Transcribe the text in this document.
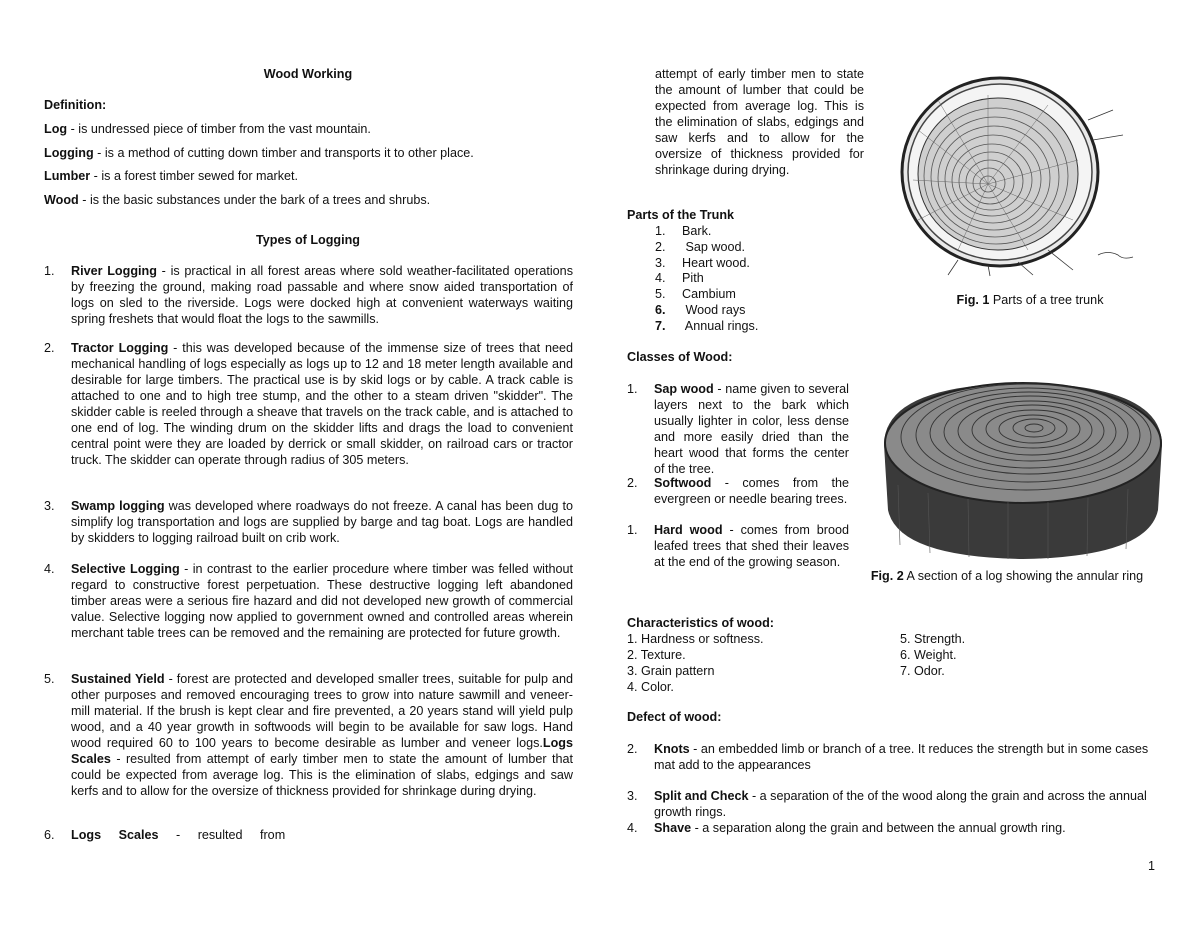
Wood Working
Definition:
Log - is undressed piece of timber from the vast mountain.
Logging - is a method of cutting down timber and transports it to other place.
Lumber - is a forest timber sewed for market.
Wood - is the basic substances under the bark of a trees and shrubs.
Types of Logging
1. River Logging - is practical in all forest areas where sold weather-facilitated operations by freezing the ground, making road passable and where snow aided transportation of logs on sled to the riverside. Logs were docked high at convenient waterways waiting spring freshets that would float the logs to the sawmills.
2. Tractor Logging - this was developed because of the immense size of trees that need mechanical handling of logs especially as logs up to 12 and 18 meter length available and desirable for large timbers. The practical use is by skid logs or by cable. A track cable is attached to one and to high tree stump, and the other to a steam driven "skidder". The skidder cable is reeled through a sheave that travels on the track cable, and is attached to one end of log. The winding drum on the skidder lifts and drags the load to convenient central point were they are loaded by derrick or small skidder, on railroad cars or tractor truck. The skidder can operate through radius of 305 meters.
3. Swamp logging was developed where roadways do not freeze. A canal has been dug to simplify log transportation and logs are supplied by barge and tag boat. Logs are handled by skidders to logging railroad built on crib work.
4. Selective Logging - in contrast to the earlier procedure where timber was felled without regard to constructive forest perpetuation. These destructive logging left abandoned timber areas were a serious fire hazard and did not developed new growth of commercial value. Selective logging now applied to government owned and controlled areas wherein merchant table trees can be removed and the remaining are protected for future growth.
5. Sustained Yield - forest are protected and developed smaller trees, suitable for pulp and other purposes and removed encouraging trees to grow into nature sawmill and veneer-mill material. If the brush is kept clear and fire prevented, a 20 years stand will yield pulp wood, and a 40 year growth in softwoods will begin to be available for saw logs. Hand wood required 60 to 100 years to become desirable as lumber and veneer logs.Logs Scales - resulted from attempt of early timber men to state the amount of lumber that could be expected from average log. This is the elimination of slabs, edgings and saw kerfs and to allow for the oversize of thickness provided for shrinkage during drying.
6. Logs Scales - resulted from
attempt of early timber men to state the amount of lumber that could be expected from average log. This is the elimination of slabs, edgings and saw kerfs and to allow for the oversize of thickness provided for shrinkage during drying.
Parts of the Trunk
1. Bark.
2. Sap wood.
3. Heart wood.
4. Pith
5. Cambium
6. Wood rays
7. Annual rings.
Classes of Wood:
1. Sap wood - name given to several layers next to the bark which usually lighter in color, less dense and more easily dried than the heart wood that forms the center of the tree.
2. Softwood - comes from the evergreen or needle bearing trees.
1. Hard wood - comes from brood leafed trees that shed their leaves at the end of the growing season.
Fig. 1 Parts of a tree trunk
Fig. 2 A section of a log showing the annular ring
Characteristics of wood:
1. Hardness or softness.
2. Texture.
3. Grain pattern
4. Color.
5. Strength.
6. Weight.
7. Odor.
Defect of wood:
2. Knots - an embedded limb or branch of a tree. It reduces the strength but in some cases mat add to the appearances
3. Split and Check - a separation of the of the wood along the grain and across the annual growth rings.
4. Shave - a separation along the grain and between the annual growth ring.
1
